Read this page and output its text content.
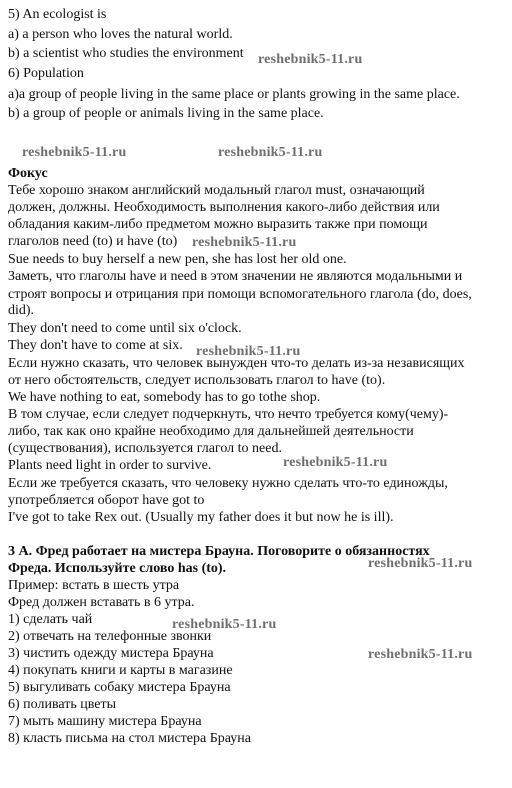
5) An ecologist is
a) a person who loves the natural world.
b) a scientist who studies the environment
6) Population
a)a group of people living in the same place or plants growing in the same place.
b) a group of people or animals living in the same place.
Фокус
Тебе хорошо знаком английский модальный глагол must, означающий
должен, должны. Необходимость выполнения какого-либо действия или
обладания каким-либо предметом можно выразить также при помощи
глаголов need (to) и have (to)
Sue needs to buy herself a new pen, she has lost her old one.
Заметь, что глаголы have и need в этом значении не являются модальными и
строят вопросы и отрицания при помощи вспомогательного глагола (do, does,
did).
They don't need to come until six o'clock.
They don't have to come at six.
Если нужно сказать, что человек вынужден что-то делать из-за независящих
от него обстоятельств, следует использовать глагол to have (to).
We have nothing to eat, somebody has to go tothe shop.
В том случае, если следует подчеркнуть, что нечто требуется кому(чему)-
либо, так как оно крайне необходимо для дальнейшей деятельности
(существования), используется глагол to need.
Plants need light in order to survive.
Если же требуется сказать, что человеку нужно сделать что-то единожды,
употребляется оборот have got to
I've got to take Rex out. (Usually my father does it but now he is ill).
3 А. Фред работает на мистера Брауна. Поговорите о обязанностях
Фреда. Используйте слово has (to).
Пример: встать в шесть утра
Фред должен вставать в 6 утра.
1) сделать чай
2) отвечать на телефонные звонки
3) чистить одежду мистера Брауна
4) покупать книги и карты в магазине
5) выгуливать собаку мистера Брауна
6) поливать цветы
7) мыть машину мистера Брауна
8) класть письма на стол мистера Брауна
reshebnik5-11.ru
reshebnik5-11.ru	reshebnik5-11.ru
reshebnik5-11.ru
reshebnik5-11.ru
reshebnik5-11.ru
reshebnik5-11.ru
reshebnik5-11.ru
reshebnik5-11.ru
